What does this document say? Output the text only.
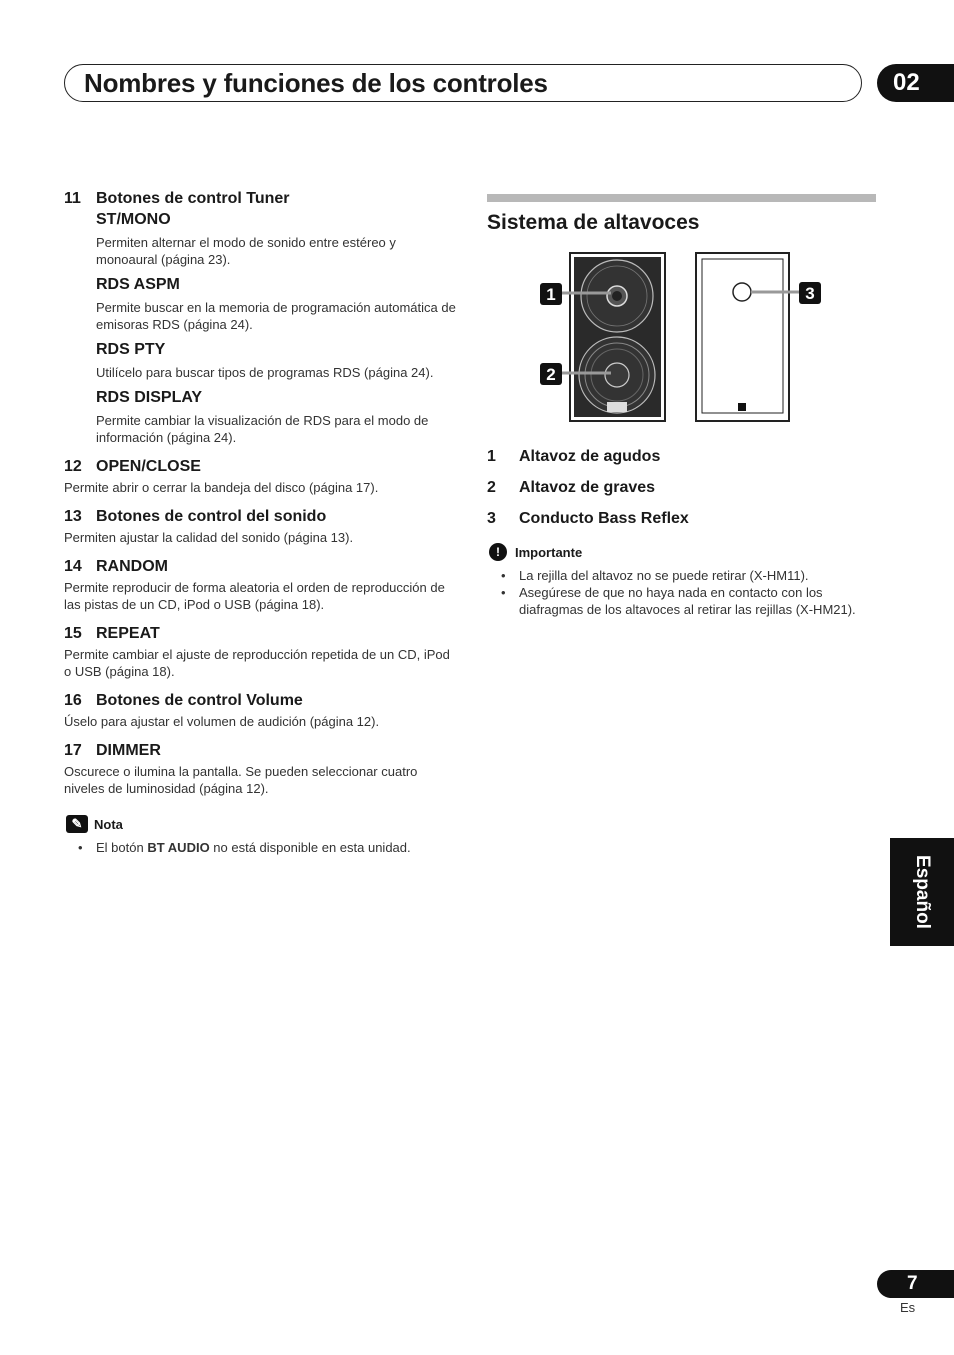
Nombres y funciones de los controles	02
11 Botones de control Tuner
ST/MONO
Permiten alternar el modo de sonido entre estéreo y monoaural (página 23).
RDS ASPM
Permite buscar en la memoria de programación automática de emisoras RDS (página 24).
RDS PTY
Utilícelo para buscar tipos de programas RDS (página 24).
RDS DISPLAY
Permite cambiar la visualización de RDS para el modo de información (página 24).
12 OPEN/CLOSE
Permite abrir o cerrar la bandeja del disco (página 17).
13 Botones de control del sonido
Permiten ajustar la calidad del sonido (página 13).
14 RANDOM
Permite reproducir de forma aleatoria el orden de reproducción de las pistas de un CD, iPod o USB (página 18).
15 REPEAT
Permite cambiar el ajuste de reproducción repetida de un CD, iPod o USB (página 18).
16 Botones de control Volume
Úselo para ajustar el volumen de audición (página 12).
17 DIMMER
Oscurece o ilumina la pantalla. Se pueden seleccionar cuatro niveles de luminosidad (página 12).
✎ Nota
• El botón BT AUDIO no está disponible en esta unidad.
Sistema de altavoces
1
2
3
1	Altavoz de agudos
2	Altavoz de graves
3	Conducto Bass Reflex
!	Importante
• La rejilla del altavoz no se puede retirar (X-HM11).
• Asegúrese de que no haya nada en contacto con los diafragmas de los altavoces al retirar las rejillas (X-HM21).
Español
7
Es
